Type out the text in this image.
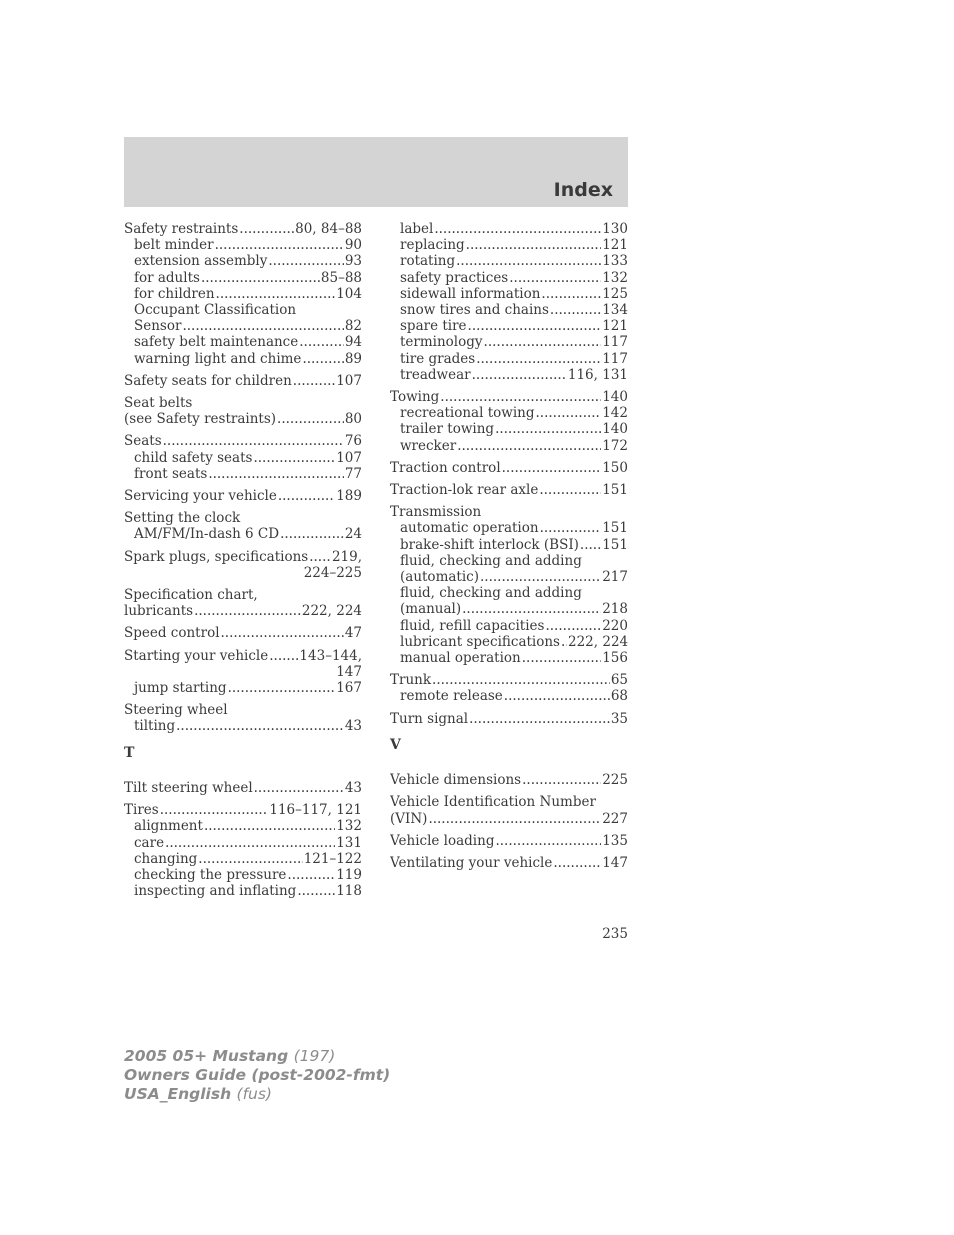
Index
Safety restraints .....	80, 84–88
belt minder .....	90
extension assembly .....	93
for adults .....	85–88
for children .....	104
Occupant Classification
Sensor .....	82
safety belt maintenance .....	94
warning light and chime .....	89
Safety seats for children .....	107
Seat belts
(see Safety restraints) .....	80
Seats .....	76
child safety seats .....	107
front seats .....	77
Servicing your vehicle .....	189
Setting the clock
AM/FM/In-dash 6 CD .....	24
Spark plugs, specifications ..... 219,
224–225
Specification chart,
lubricants .....	222, 224
Speed control .....	47
Starting your vehicle ..... 143–144,
147
jump starting .....	167
Steering wheel
tilting .....	43
T
Tilt steering wheel .....	43
Tires .....	116–117, 121
alignment .....	132
care .....	131
changing .....	121–122
checking the pressure .....	119
inspecting and inflating .....	118
label .....	130
replacing .....	121
rotating .....	133
safety practices .....	132
sidewall information .....	125
snow tires and chains .....	134
spare tire .....	121
terminology .....	117
tire grades .....	117
treadwear .....	116, 131
Towing .....	140
recreational towing .....	142
trailer towing .....	140
wrecker .....	172
Traction control .....	150
Traction-lok rear axle .....	151
Transmission
automatic operation .....	151
brake-shift interlock (BSI) ..... 151
fluid, checking and adding
(automatic) .....	217
fluid, checking and adding
(manual) .....	218
fluid, refill capacities .....	220
lubricant specifications ..... 222, 224
manual operation .....	156
Trunk .....	65
remote release .....	68
Turn signal .....	35
V
Vehicle dimensions .....	225
Vehicle Identification Number
(VIN) .....	227
Vehicle loading .....	135
Ventilating your vehicle .....	147
235
2005 05+ Mustang (197)
Owners Guide (post-2002-fmt)
USA_English (fus)
